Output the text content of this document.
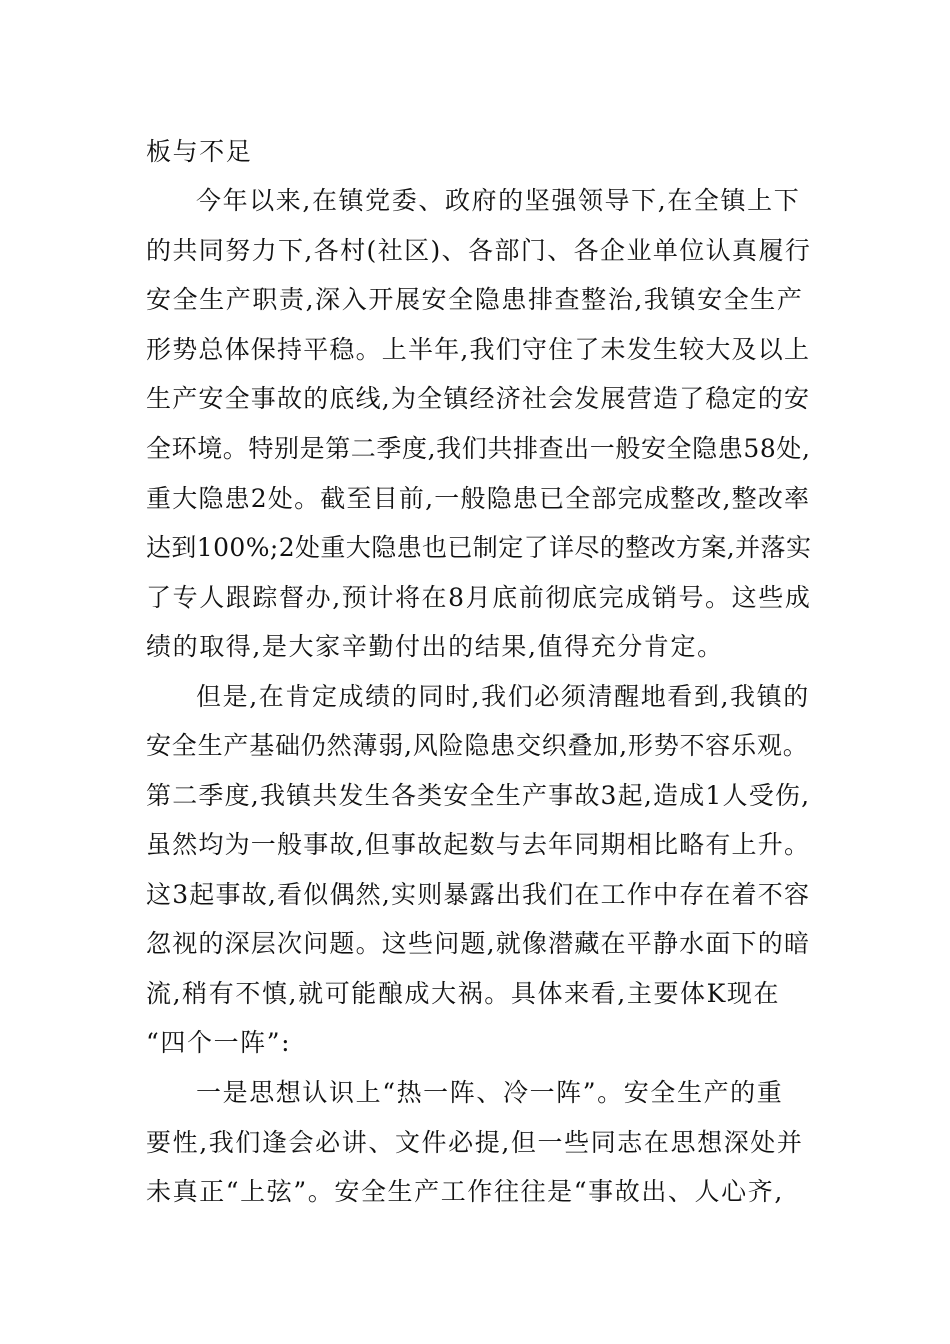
板与不足
今年以来,在镇党委、政府的坚强领导下,在全镇上下
的共同努力下,各村(社区)、各部门、各企业单位认真履行
安全生产职责,深入开展安全隐患排查整治,我镇安全生产
形势总体保持平稳。上半年,我们守住了未发生较大及以上
生产安全事故的底线,为全镇经济社会发展营造了稳定的安
全环境。特别是第二季度,我们共排查出一般安全隐患58处,
重大隐患2处。截至目前,一般隐患已全部完成整改,整改率
达到100%;2处重大隐患也已制定了详尽的整改方案,并落实
了专人跟踪督办,预计将在8月底前彻底完成销号。这些成
绩的取得,是大家辛勤付出的结果,值得充分肯定。
但是,在肯定成绩的同时,我们必须清醒地看到,我镇的
安全生产基础仍然薄弱,风险隐患交织叠加,形势不容乐观。
第二季度,我镇共发生各类安全生产事故3起,造成1人受伤,
虽然均为一般事故,但事故起数与去年同期相比略有上升。
这3起事故,看似偶然,实则暴露出我们在工作中存在着不容
忽视的深层次问题。这些问题,就像潜藏在平静水面下的暗
流,稍有不慎,就可能酿成大祸。具体来看,主要体K现在
“四个一阵”:
一是思想认识上“热一阵、冷一阵”。安全生产的重
要性,我们逢会必讲、文件必提,但一些同志在思想深处并
未真正“上弦”。安全生产工作往往是“事故出、人心齐,
